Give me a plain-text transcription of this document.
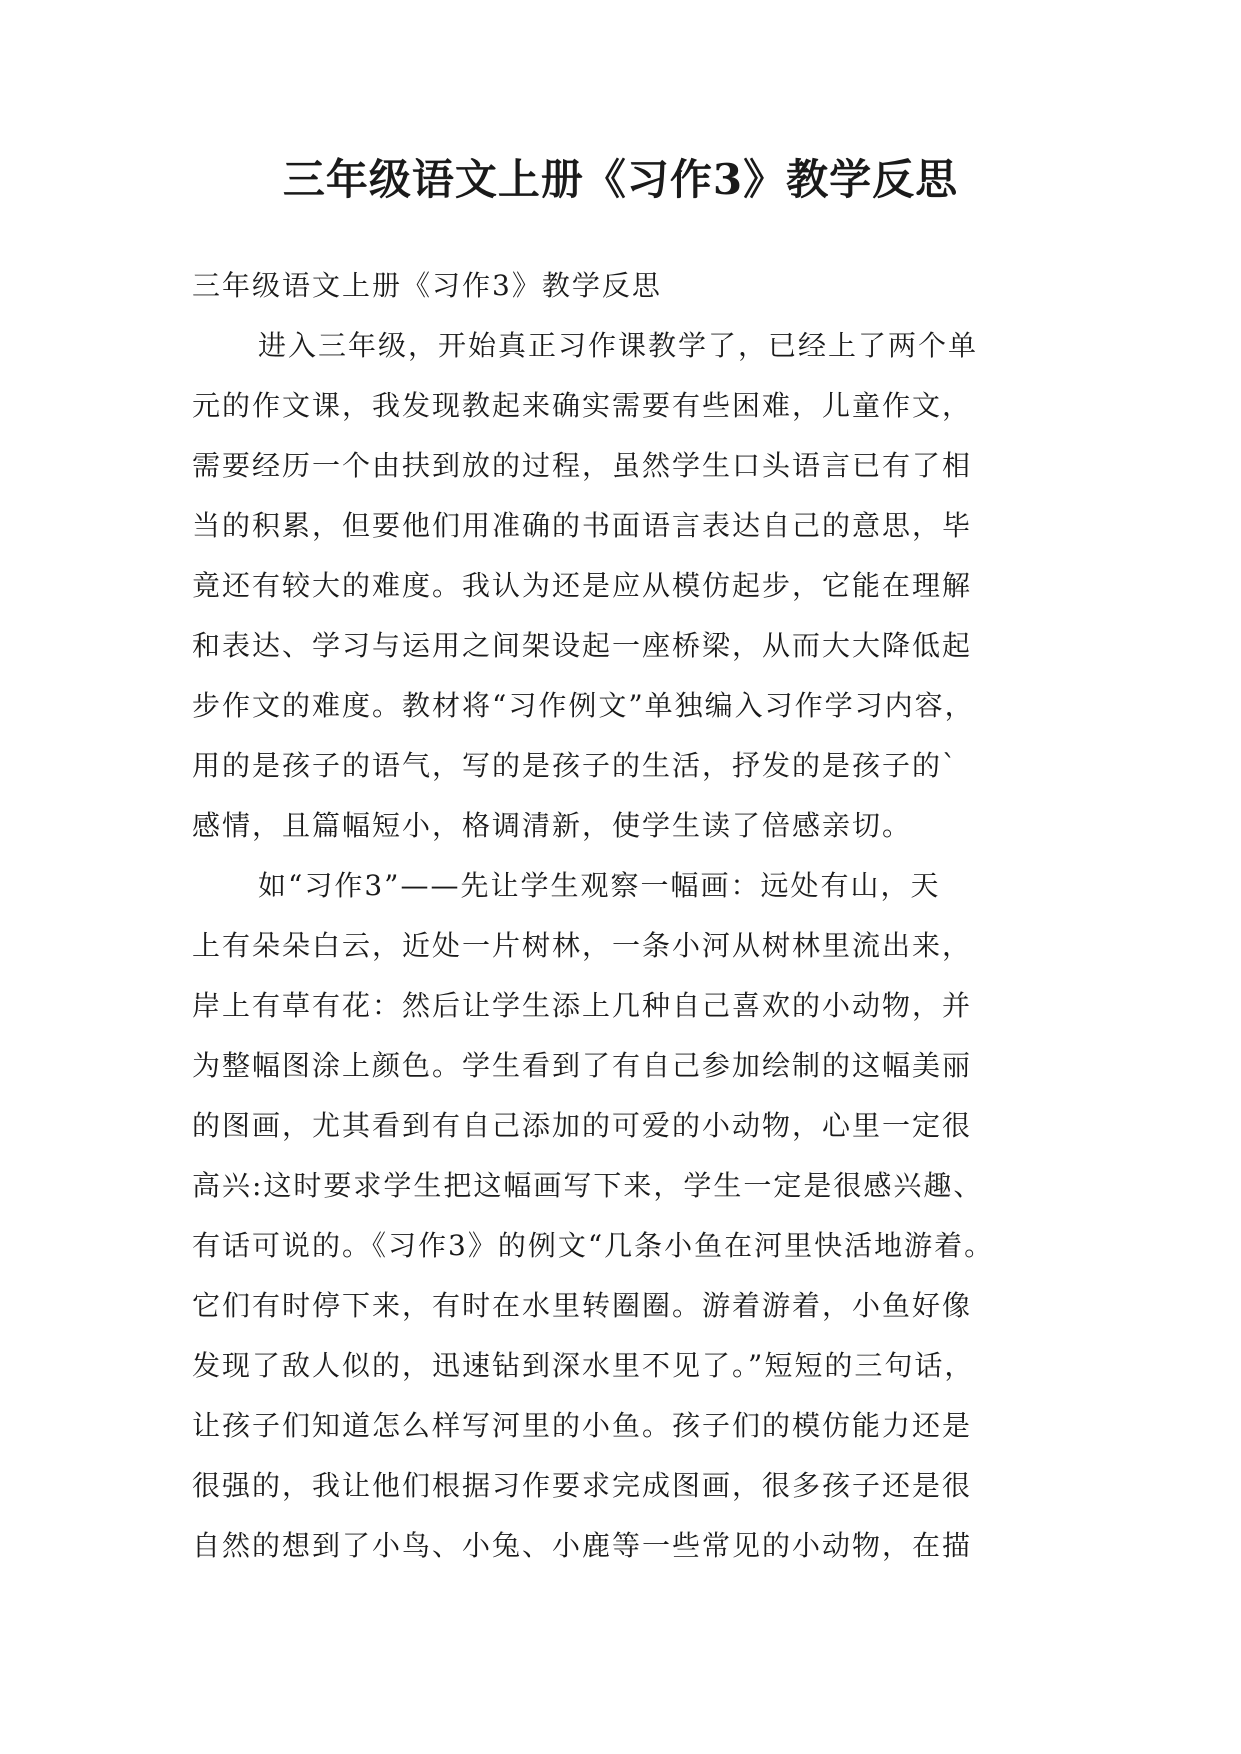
三年级语文上册《习作3》教学反思

三年级语文上册《习作3》教学反思

进入三年级，开始真正习作课教学了，已经上了两个单

元的作文课，我发现教起来确实需要有些困难，儿童作文，

需要经历一个由扶到放的过程，虽然学生口头语言已有了相

当的积累，但要他们用准确的书面语言表达自己的意思，毕

竟还有较大的难度。我认为还是应从模仿起步，它能在理解

和表达、学习与运用之间架设起一座桥梁，从而大大降低起

步作文的难度。教材将“习作例文”单独编入习作学习内容，

用的是孩子的语气，写的是孩子的生活，抒发的是孩子的`

感情，且篇幅短小，格调清新，使学生读了倍感亲切。

如“习作3”——先让学生观察一幅画：远处有山，天

上有朵朵白云，近处一片树林，一条小河从树林里流出来，

岸上有草有花：然后让学生添上几种自己喜欢的小动物，并

为整幅图涂上颜色。学生看到了有自己参加绘制的这幅美丽

的图画，尤其看到有自己添加的可爱的小动物，心里一定很

高兴:这时要求学生把这幅画写下来，学生一定是很感兴趣、

有话可说的。《习作3》的例文“几条小鱼在河里快活地游着。

它们有时停下来，有时在水里转圈圈。游着游着，小鱼好像

发现了敌人似的，迅速钻到深水里不见了。”短短的三句话，

让孩子们知道怎么样写河里的小鱼。孩子们的模仿能力还是

很强的，我让他们根据习作要求完成图画，很多孩子还是很

自然的想到了小鸟、小兔、小鹿等一些常见的小动物，在描
